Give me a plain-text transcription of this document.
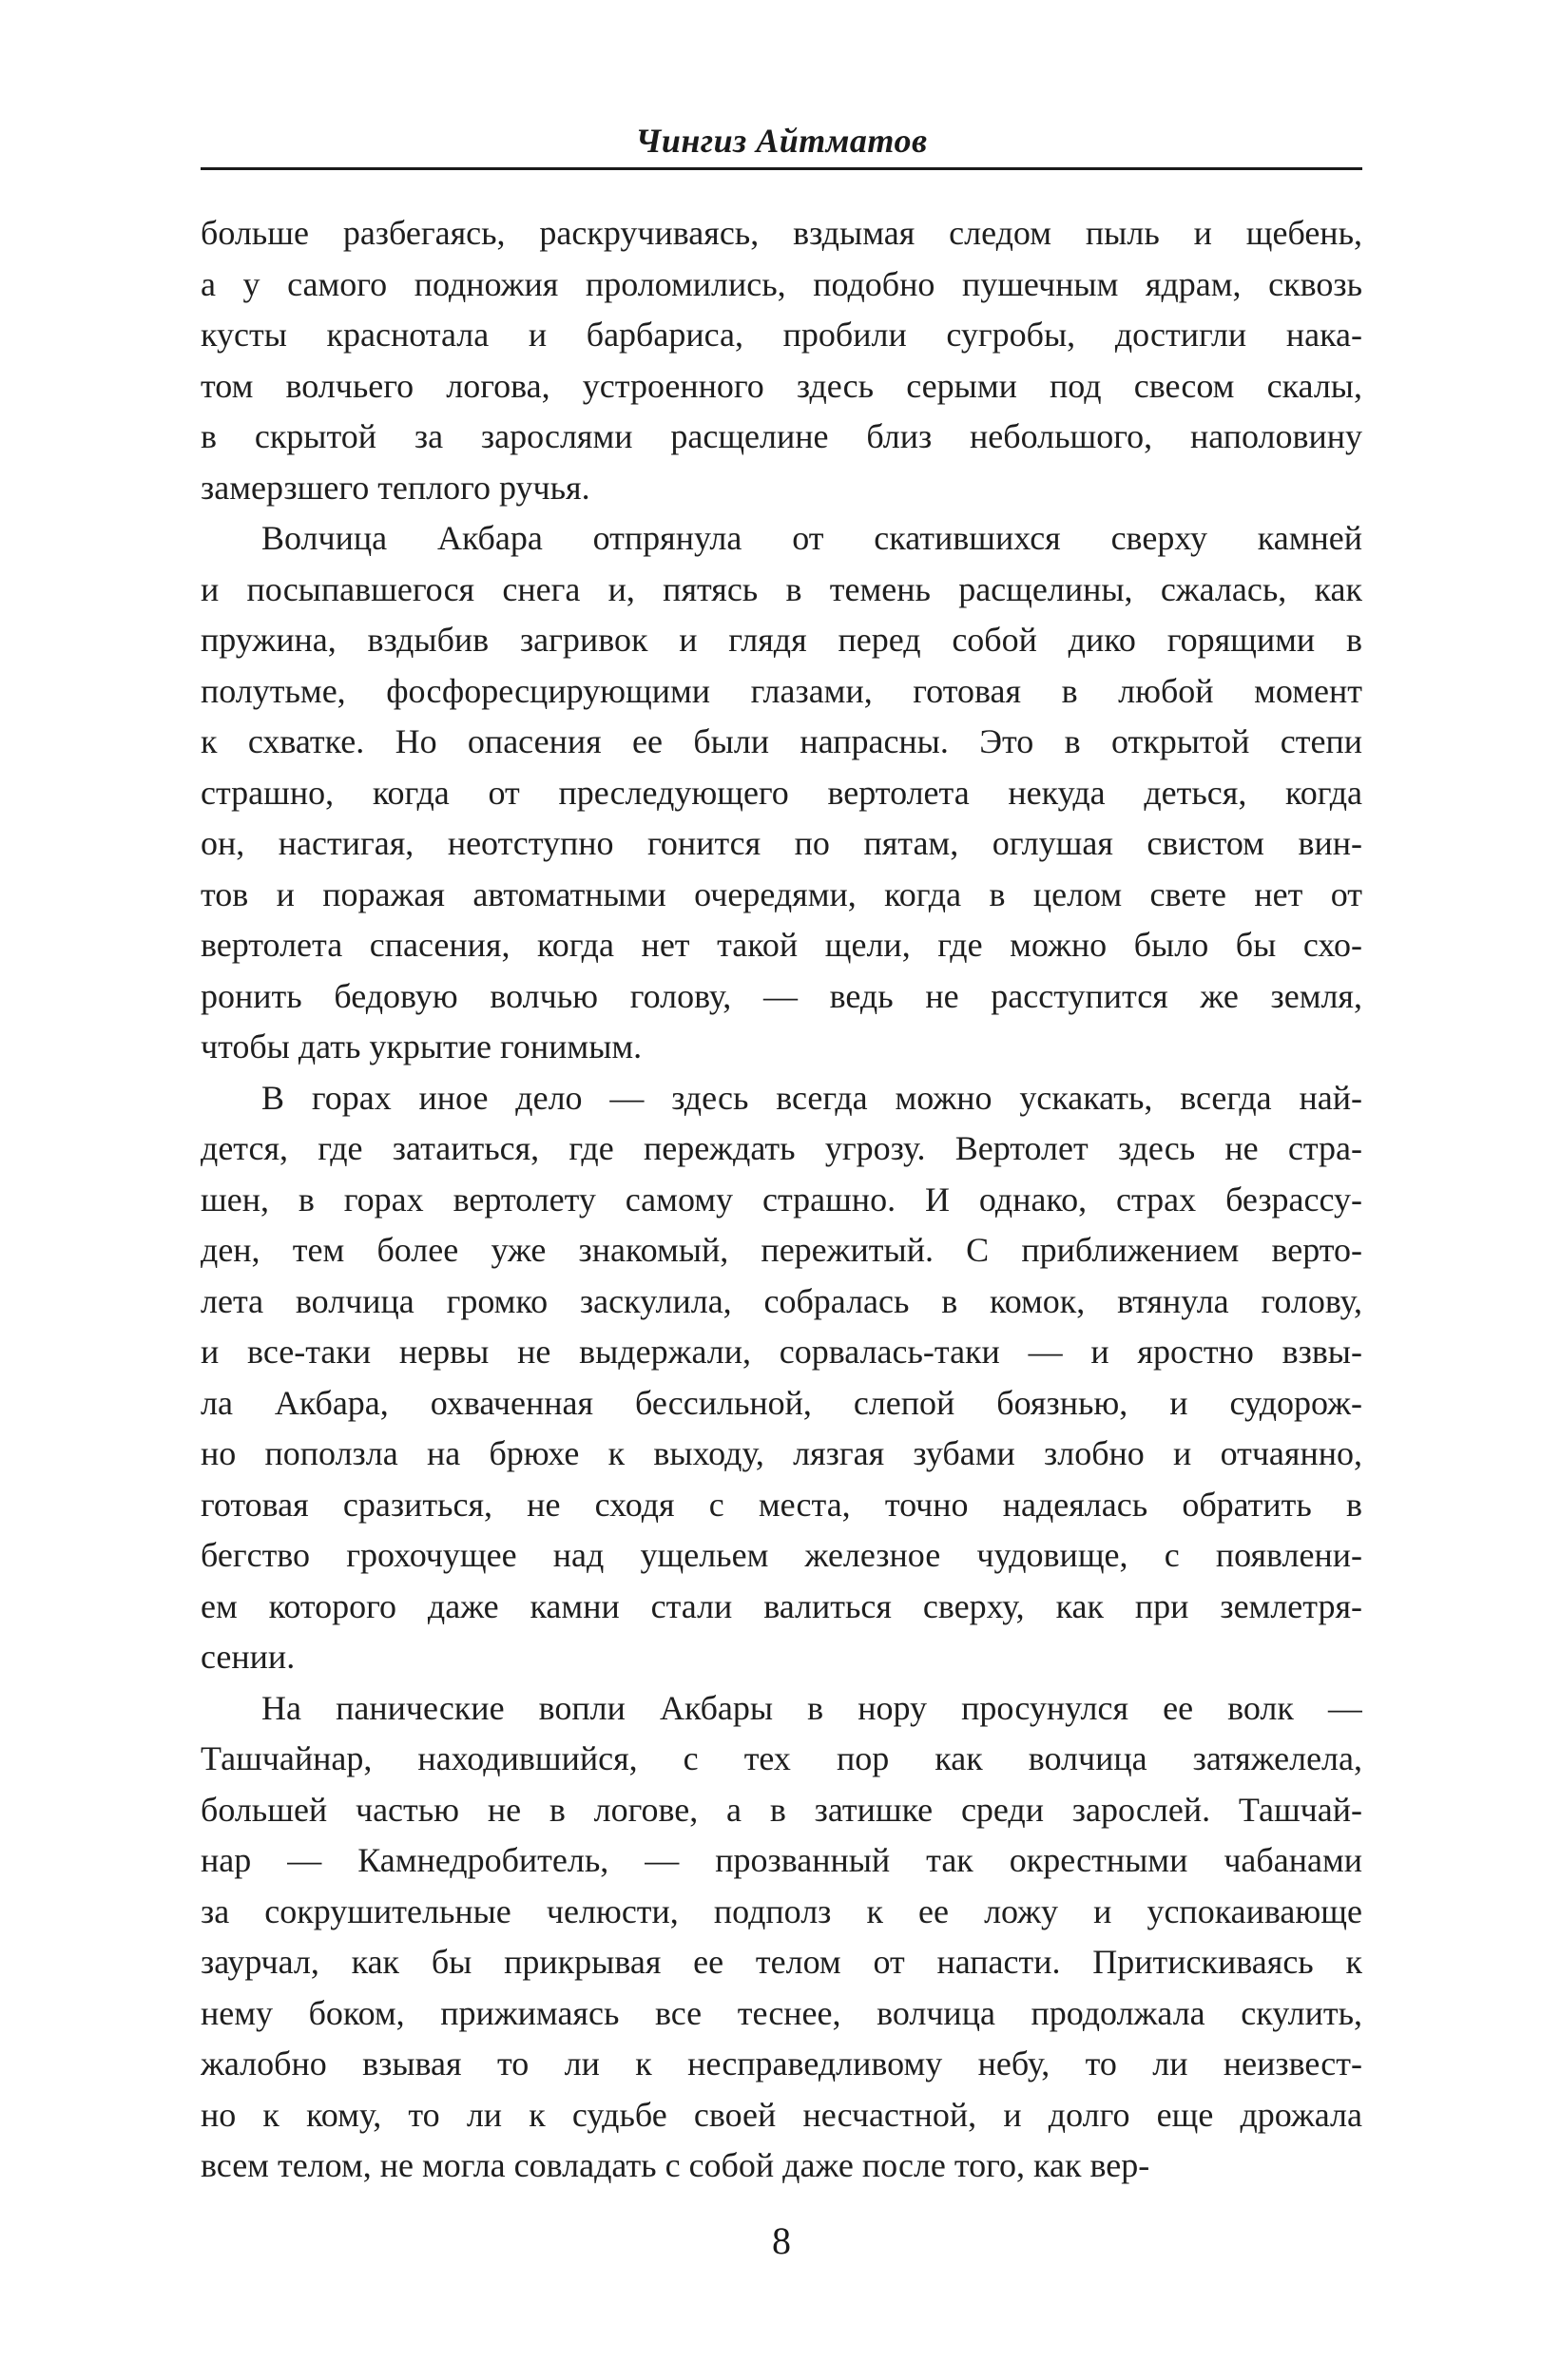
Чингиз Айтматов
больше разбегаясь, раскручиваясь, вздымая следом пыль и щебень,
а у самого подножия проломились, подобно пушечным ядрам, сквозь
кусты краснотала и барбариса, пробили сугробы, достигли нака-
том волчьего логова, устроенного здесь серыми под свесом скалы,
в скрытой за зарослями расщелине близ небольшого, наполовину
замерзшего теплого ручья.
Волчица Акбара отпрянула от скатившихся сверху камней
и посыпавшегося снега и, пятясь в темень расщелины, сжалась, как
пружина, вздыбив загривок и глядя перед собой дико горящими в
полутьме, фосфоресцирующими глазами, готовая в любой момент
к схватке. Но опасения ее были напрасны. Это в открытой степи
страшно, когда от преследующего вертолета некуда деться, когда
он, настигая, неотступно гонится по пятам, оглушая свистом вин-
тов и поражая автоматными очередями, когда в целом свете нет от
вертолета спасения, когда нет такой щели, где можно было бы схо-
ронить бедовую волчью голову, — ведь не расступится же земля,
чтобы дать укрытие гонимым.
В горах иное дело — здесь всегда можно ускакать, всегда най-
дется, где затаиться, где переждать угрозу. Вертолет здесь не стра-
шен, в горах вертолету самому страшно. И однако, страх безрассу-
ден, тем более уже знакомый, пережитый. С приближением верто-
лета волчица громко заскулила, собралась в комок, втянула голову,
и все-таки нервы не выдержали, сорвалась-таки — и яростно взвы-
ла Акбара, охваченная бессильной, слепой боязнью, и судорож-
но поползла на брюхе к выходу, лязгая зубами злобно и отчаянно,
готовая сразиться, не сходя с места, точно надеялась обратить в
бегство грохочущее над ущельем железное чудовище, с появлени-
ем которого даже камни стали валиться сверху, как при землетря-
сении.
На панические вопли Акбары в нору просунулся ее волк —
Ташчайнар, находившийся, с тех пор как волчица затяжелела,
большей частью не в логове, а в затишке среди зарослей. Ташчай-
нар — Камнедробитель, — прозванный так окрестными чабанами
за сокрушительные челюсти, подполз к ее ложу и успокаивающе
заурчал, как бы прикрывая ее телом от напасти. Притискиваясь к
нему боком, прижимаясь все теснее, волчица продолжала скулить,
жалобно взывая то ли к несправедливому небу, то ли неизвест-
но к кому, то ли к судьбе своей несчастной, и долго еще дрожала
всем телом, не могла совладать с собой даже после того, как вер-
8
